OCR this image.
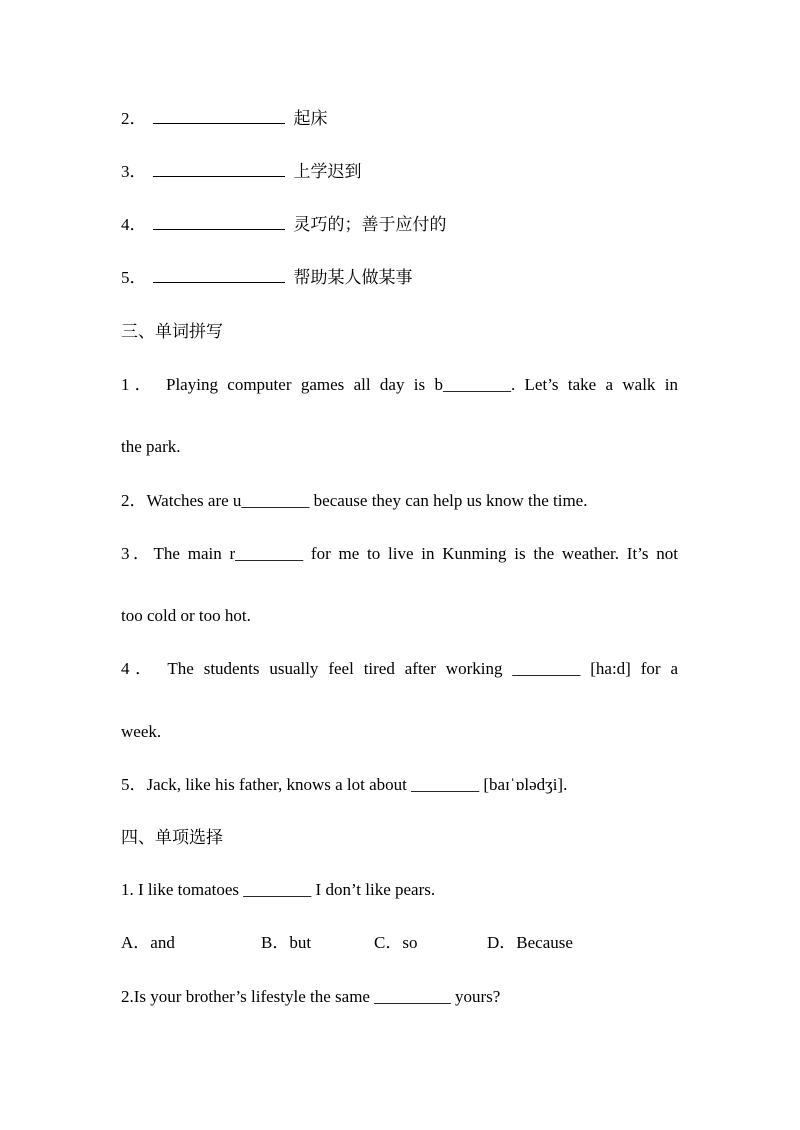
2．	起床
3．	上学迟到
4．	灵巧的；善于应付的
5．	帮助某人做某事
三、单词拼写
1． Playing computer games all day is b________. Let’s take a walk in
the park.
2．Watches are u________ because they can help us know the time.
3．The main r________ for me to live in Kunming is the weather. It’s not
too cold or too hot.
4． The students usually feel tired after working ________ [ha:d] for a
week.
5．Jack, like his father, knows a lot about ________ [baɪˈɒlədʒi].
四、单项选择
1. I like tomatoes ________ I don’t like pears.
A．and	B．but	C．so	D．Because
2.Is your brother’s lifestyle the same _________ yours?
